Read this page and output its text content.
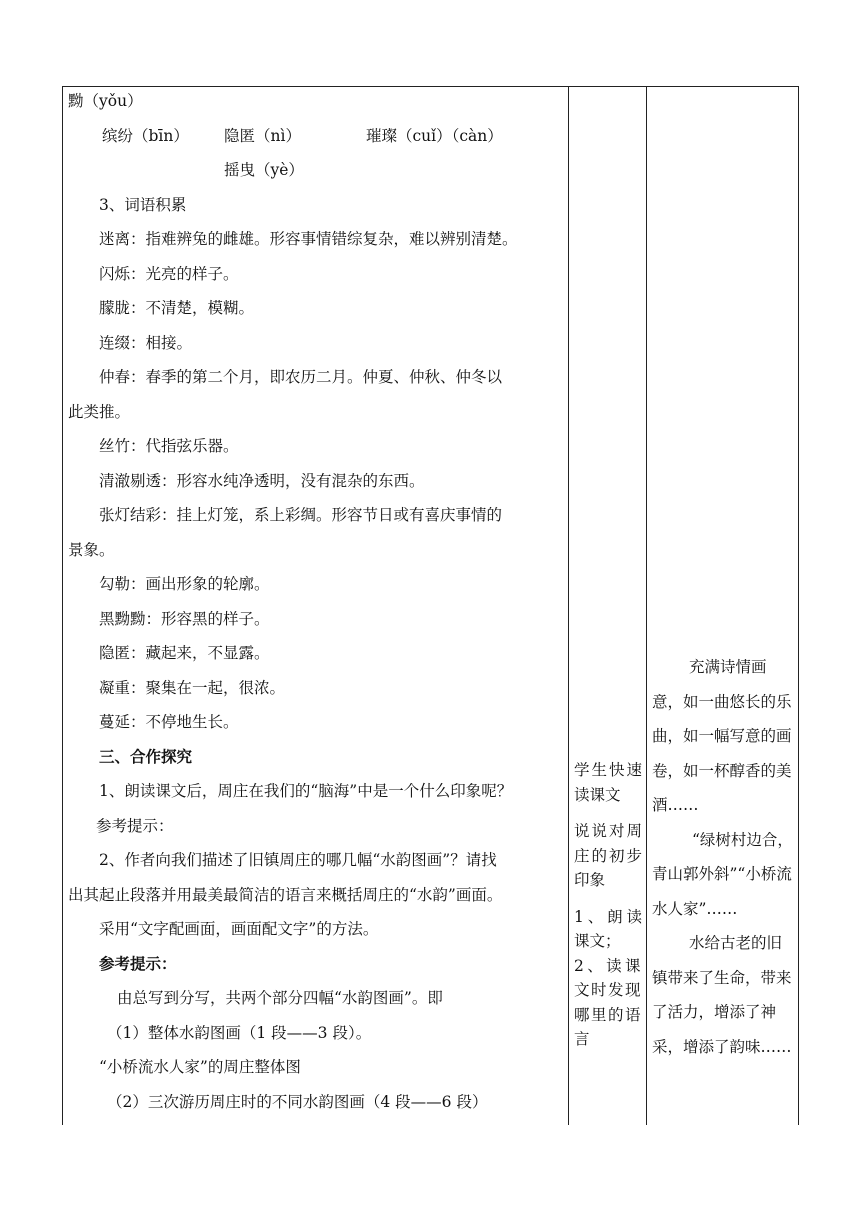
黝（yǒu）
缤纷（bīn） 隐匿（nì）	璀璨（cuǐ）（càn）
摇曳（yè）
3、词语积累
迷离：指难辨兔的雌雄。形容事情错综复杂，难以辨别清楚。
闪烁：光亮的样子。
朦胧：不清楚，模糊。
连缀：相接。
仲春：春季的第二个月，即农历二月。仲夏、仲秋、仲冬以
此类推。
丝竹：代指弦乐器。
清澈剔透：形容水纯净透明，没有混杂的东西。
张灯结彩：挂上灯笼，系上彩绸。形容节日或有喜庆事情的
景象。
勾勒：画出形象的轮廓。
黑黝黝：形容黑的样子。
隐匿：藏起来，不显露。
凝重：聚集在一起，很浓。
蔓延：不停地生长。
三、合作探究
1、朗读课文后，周庄在我们的“脑海”中是一个什么印象呢？
参考提示：
2、作者向我们描述了旧镇周庄的哪几幅“水韵图画”？请找
出其起止段落并用最美最简洁的语言来概括周庄的“水韵”画面。
采用“文字配画面，画面配文字”的方法。
参考提示：
由总写到分写，共两个部分四幅“水韵图画”。即
（1）整体水韵图画（1 段——3 段）。
“小桥流水人家”的周庄整体图
（2）三次游历周庄时的不同水韵图画（4 段——6 段）
学生快速读课文
说说对周庄的初步印象
1、朗读课文；
2、读课文时发现哪里的语言
充满诗情画意，如一曲悠长的乐曲，如一幅写意的画卷，如一杯醇香的美酒……
“绿树村边合，青山郭外斜”“小桥流水人家”……
水给古老的旧镇带来了生命，带来了活力，增添了神采，增添了韵味……
